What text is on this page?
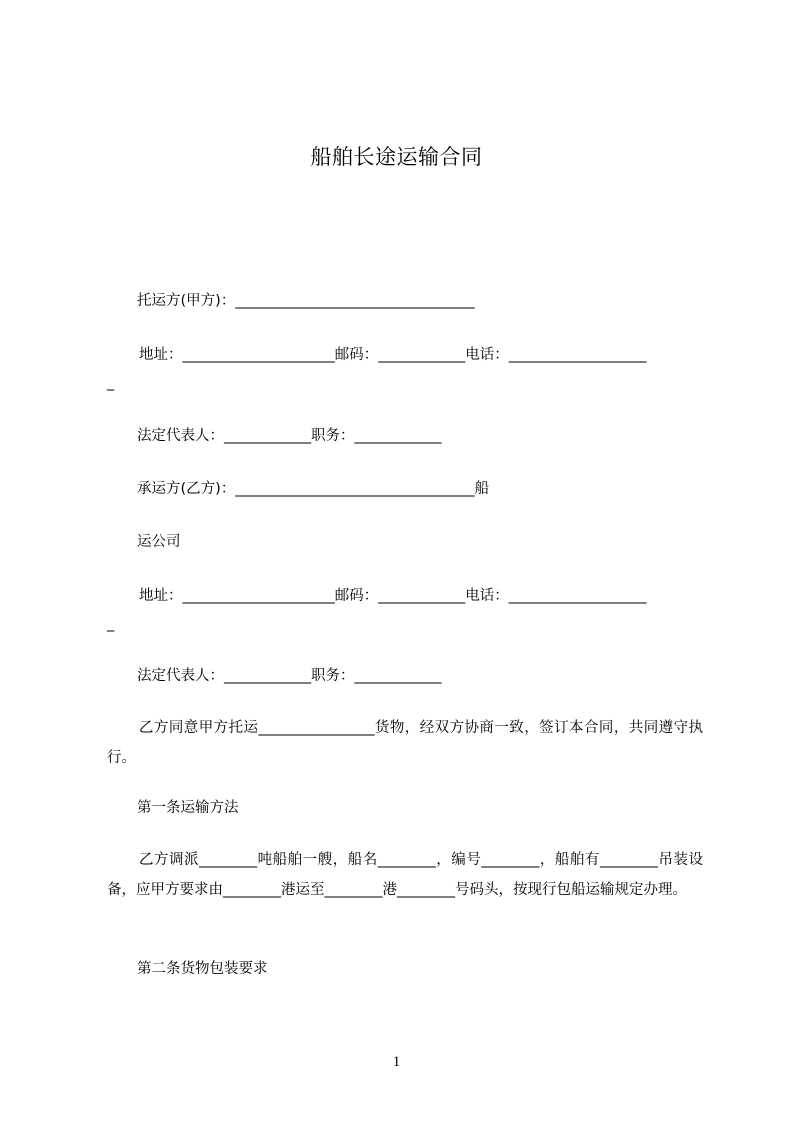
船舶长途运输合同
托运方(甲方)：_________________________________
地址：_____________________邮码：____________电话：___________________
_
法定代表人：____________职务：____________
承运方(乙方)：_________________________________船
运公司
地址：_____________________邮码：____________电话：___________________
_
法定代表人：____________职务：____________
乙方同意甲方托运________________货物，经双方协商一致，签订本合同，共同遵守执行。
第一条运输方法
乙方调派________吨船舶一艘，船名________，编号________，船舶有________吊装设备，应甲方要求由________港运至________港________号码头，按现行包船运输规定办理。
第二条货物包装要求
1
